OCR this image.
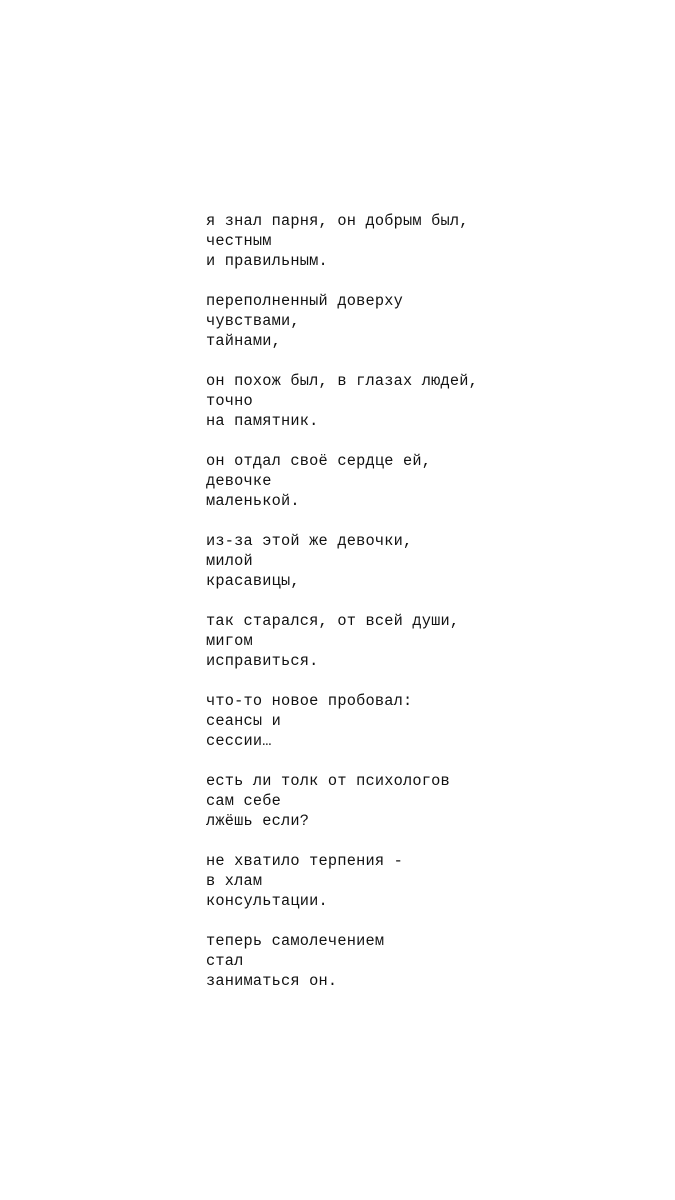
я знал парня, он добрым был,
честным
и правильным.
переполненный доверху
чувствами,
тайнами,
он похож был, в глазах людей,
точно
на памятник.
он отдал своё сердце ей,
девочке
маленькой.
из-за этой же девочки,
милой
красавицы,
так старался, от всей души,
мигом
исправиться.
что-то новое пробовал:
сеансы и
сессии…
есть ли толк от психологов
сам себе
лжёшь если?
не хватило терпения -
в хлам
консультации.
теперь самолечением
стал
заниматься он.
